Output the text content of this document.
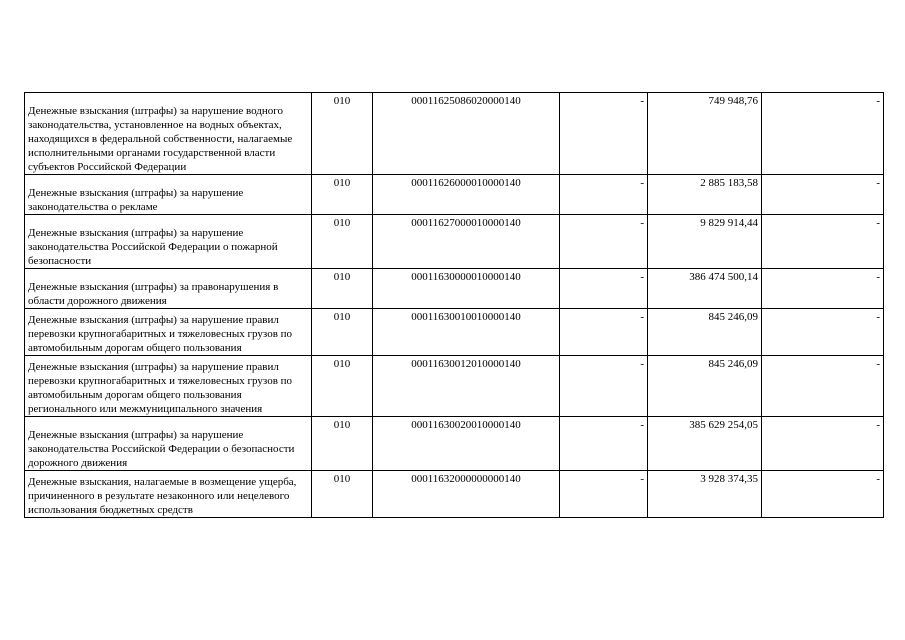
Денежные взыскания (штрафы) за нарушение водного законодательства, установленное на водных объектах, находящихся в федеральной собственности, налагаемые исполнительными органами государственной власти субъектов Российской Федерации	010	00011625086020000140	-	749 948,76	-

Денежные взыскания (штрафы) за нарушение законодательства о рекламе	010	00011626000010000140	-	2 885 183,58	-

Денежные взыскания (штрафы) за нарушение законодательства Российской Федерации о пожарной безопасности	010	00011627000010000140	-	9 829 914,44	-

Денежные взыскания (штрафы) за правонарушения в области дорожного движения	010	00011630000010000140	-	386 474 500,14	-

Денежные взыскания (штрафы) за нарушение правил перевозки крупногабаритных и тяжеловесных грузов по автомобильным дорогам общего пользования	010	00011630010010000140	-	845 246,09	-

Денежные взыскания (штрафы) за нарушение правил перевозки крупногабаритных и тяжеловесных грузов по автомобильным дорогам общего пользования регионального или межмуниципального значения	010	00011630012010000140	-	845 246,09	-

Денежные взыскания (штрафы) за нарушение законодательства Российской Федерации о безопасности дорожного движения	010	00011630020010000140	-	385 629 254,05	-

Денежные взыскания, налагаемые в возмещение ущерба, причиненного в результате незаконного или нецелевого использования бюджетных средств	010	00011632000000000140	-	3 928 374,35	-
